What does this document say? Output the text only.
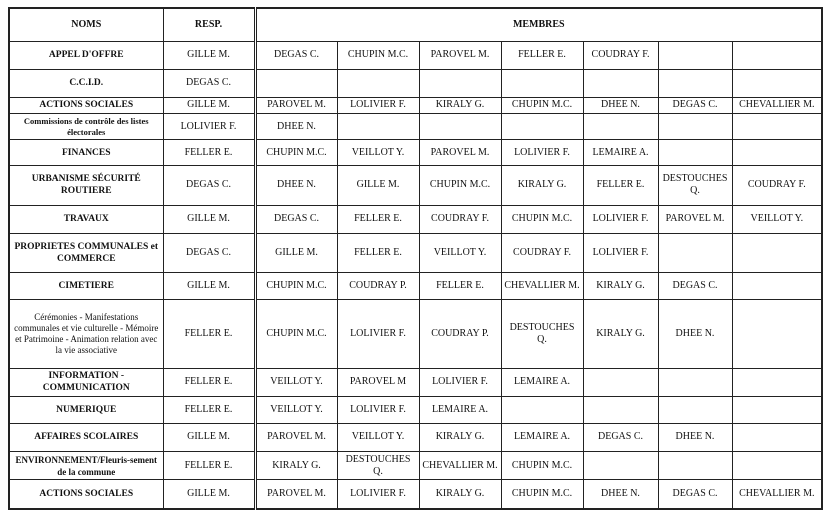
NOMS	RESP.	MEMBRES						
APPEL D'OFFRE	GILLE M.	DEGAS C.	CHUPIN M.C.	PAROVEL M.	FELLER E.	COUDRAY F.		
C.C.I.D.	DEGAS C.							
ACTIONS SOCIALES	GILLE M.	PAROVEL M.	LOLIVIER F.	KIRALY G.	CHUPIN M.C.	DHEE N.	DEGAS C.	CHEVALLIER M.
Commissions de contrôle des listes électorales	LOLIVIER F.	DHEE N.						
FINANCES	FELLER E.	CHUPIN M.C.	VEILLOT Y.	PAROVEL M.	LOLIVIER F.	LEMAIRE A.		
URBANISME SÉCURITÉ ROUTIERE	DEGAS C.	DHEE N.	GILLE M.	CHUPIN M.C.	KIRALY G.	FELLER E.	DESTOUCHES Q.	COUDRAY F.
TRAVAUX	GILLE M.	DEGAS C.	FELLER E.	COUDRAY F.	CHUPIN M.C.	LOLIVIER F.	PAROVEL M.	VEILLOT Y.
PROPRIETES COMMUNALES et COMMERCE	DEGAS C.	GILLE M.	FELLER E.	VEILLOT Y.	COUDRAY F.	LOLIVIER F.		
CIMETIERE	GILLE M.	CHUPIN M.C.	COUDRAY P.	FELLER E.	CHEVALLIER M.	KIRALY G.	DEGAS C.	
Cérémonies - Manifestations communales et vie culturelle - Mémoire et Patrimoine - Animation relation avec la vie associative	FELLER E.	CHUPIN M.C.	LOLIVIER F.	COUDRAY P.	DESTOUCHES Q.	KIRALY G.	DHEE N.	
INFORMATION - COMMUNICATION	FELLER E.	VEILLOT Y.	PAROVEL M	LOLIVIER F.	LEMAIRE A.			
NUMERIQUE	FELLER E.	VEILLOT Y.	LOLIVIER F.	LEMAIRE A.				
AFFAIRES SCOLAIRES	GILLE M.	PAROVEL M.	VEILLOT Y.	KIRALY G.	LEMAIRE A.	DEGAS C.	DHEE N.	
ENVIRONNEMENT/Fleuris-sement de la commune	FELLER E.	KIRALY G.	DESTOUCHES Q.	CHEVALLIER M.	CHUPIN M.C.			
ACTIONS SOCIALES	GILLE M.	PAROVEL M.	LOLIVIER F.	KIRALY G.	CHUPIN M.C.	DHEE N.	DEGAS C.	CHEVALLIER M.
